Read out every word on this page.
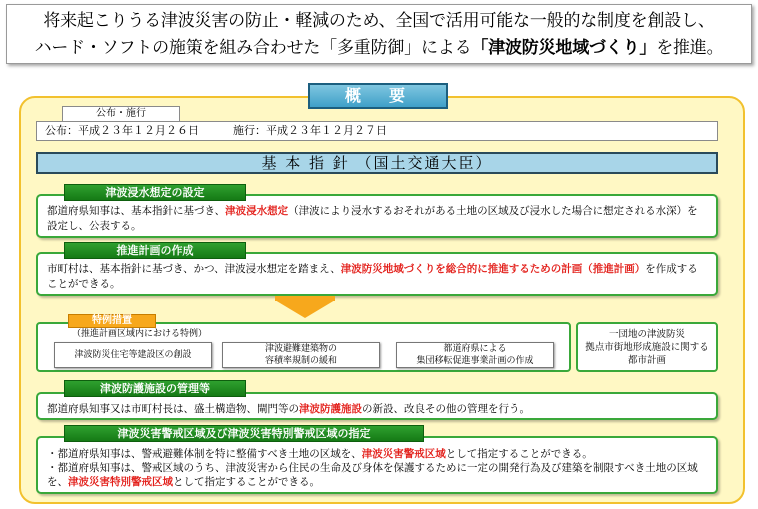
将来起こりうる津波災害の防止・軽減のため、全国で活用可能な一般的な制度を創設し、
ハード・ソフトの施策を組み合わせた「多重防御」による「津波防災地域づくり」を推進。
概　要
公布・施行
公布：平成２３年１２月２６日	施行：平成２３年１２月２７日
基 本 指 針 （国土交通大臣）
都道府県知事は、基本指針に基づき、津波浸水想定（津波により浸水するおそれがある土地の区域及び浸水した場合に想定される水深）を設定し、公表する。
津波浸水想定の設定
市町村は、基本指針に基づき、かつ、津波浸水想定を踏まえ、津波防災地域づくりを総合的に推進するための計画（推進計画）を作成することができる。
推進計画の作成
特例措置
（推進計画区域内における特例）
津波防災住宅等建設区の創設
津波避難建築物の
容積率規制の緩和
都道府県による
集団移転促進事業計画の作成
一団地の津波防災
拠点市街地形成施設に関する
都市計画
都道府県知事又は市町村長は、盛土構造物、閘門等の津波防護施設の新設、改良その他の管理を行う。
津波防護施設の管理等
・都道府県知事は、警戒避難体制を特に整備すべき土地の区域を、津波災害警戒区域として指定することができる。
・都道府県知事は、警戒区域のうち、津波災害から住民の生命及び身体を保護するために一定の開発行為及び建築を制限すべき土地の区域を、津波災害特別警戒区域として指定することができる。
津波災害警戒区域及び津波災害特別警戒区域の指定
